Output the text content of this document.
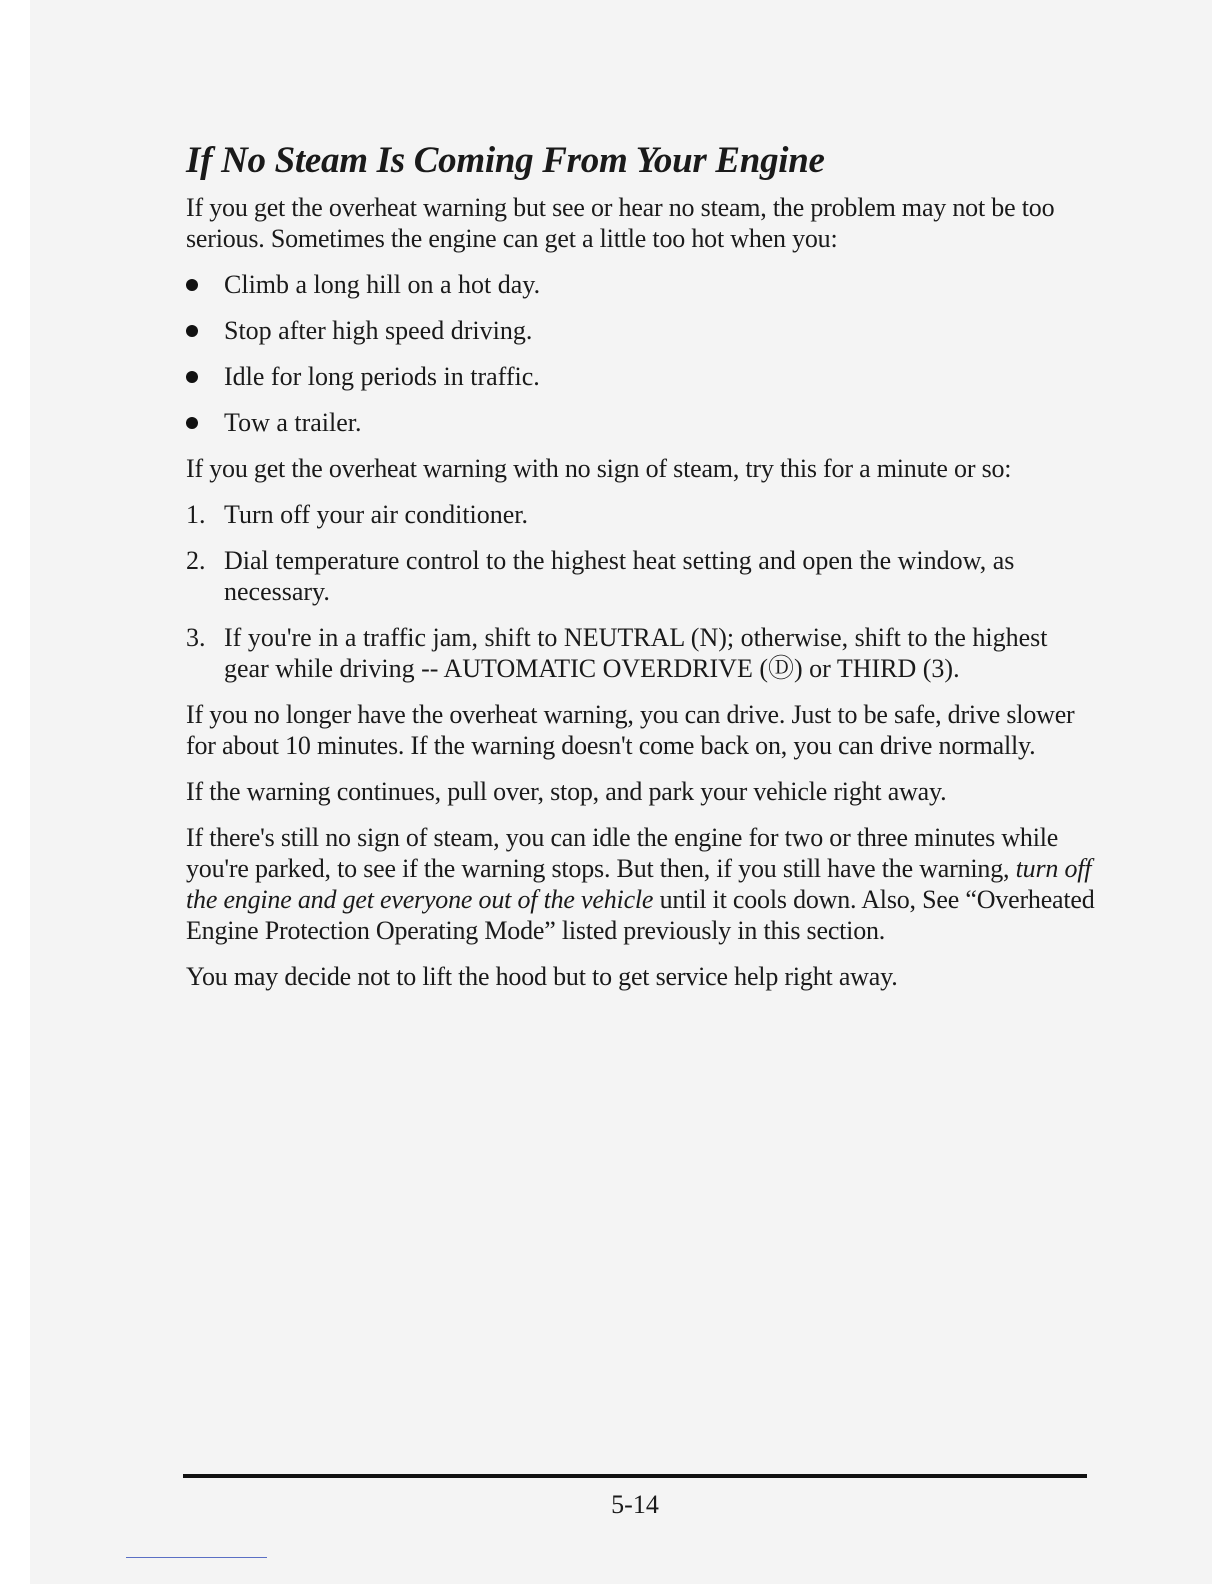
If No Steam Is Coming From Your Engine

If you get the overheat warning but see or hear no steam, the problem may not be too serious. Sometimes the engine can get a little too hot when you:

Climb a long hill on a hot day.
Stop after high speed driving.
Idle for long periods in traffic.
Tow a trailer.

If you get the overheat warning with no sign of steam, try this for a minute or so:

1. Turn off your air conditioner.
2. Dial temperature control to the highest heat setting and open the window, as necessary.
3. If you're in a traffic jam, shift to NEUTRAL (N); otherwise, shift to the highest gear while driving -- AUTOMATIC OVERDRIVE (Ⓓ) or THIRD (3).

If you no longer have the overheat warning, you can drive. Just to be safe, drive slower for about 10 minutes. If the warning doesn't come back on, you can drive normally.

If the warning continues, pull over, stop, and park your vehicle right away.

If there's still no sign of steam, you can idle the engine for two or three minutes while you're parked, to see if the warning stops. But then, if you still have the warning, turn off the engine and get everyone out of the vehicle until it cools down. Also, See “Overheated Engine Protection Operating Mode” listed previously in this section.

You may decide not to lift the hood but to get service help right away.

5-14
